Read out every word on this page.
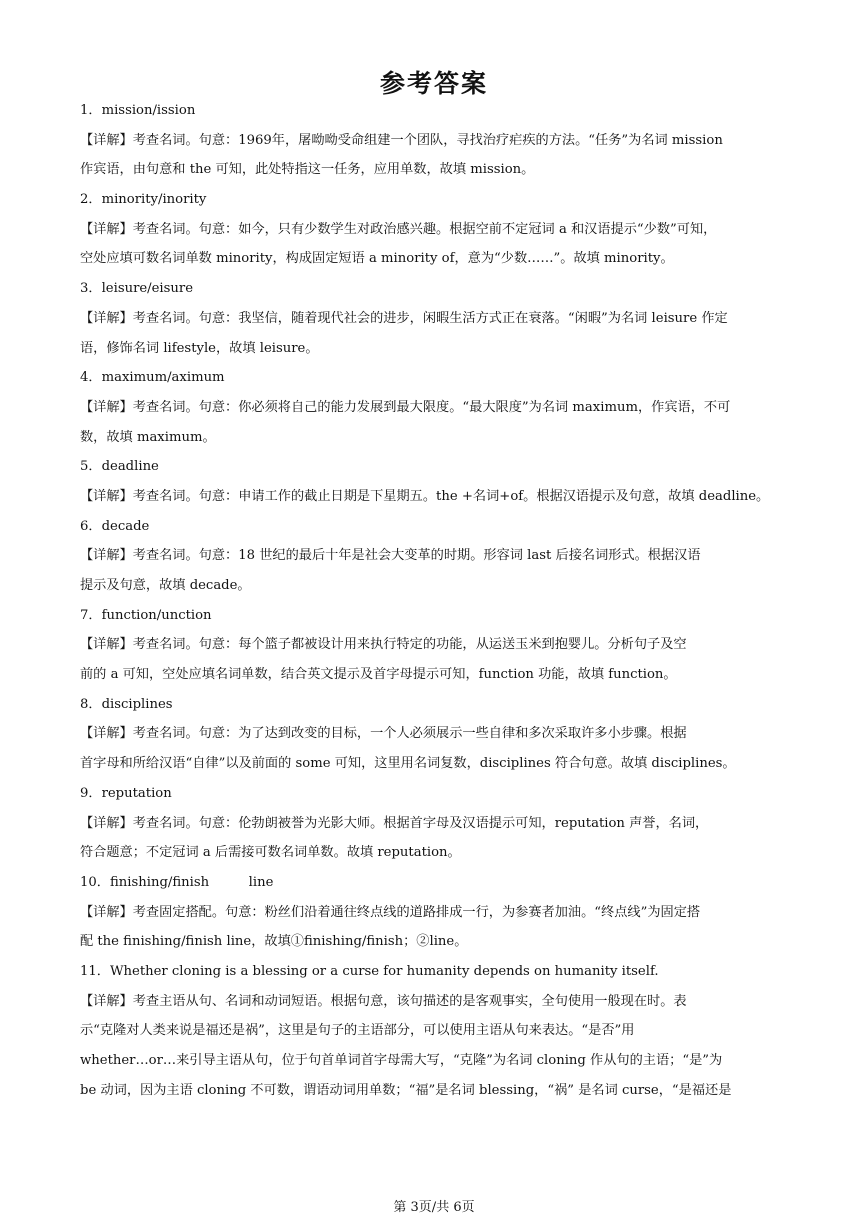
参考答案
1．mission/ission
【详解】考查名词。句意：1969年，屠呦呦受命组建一个团队，寻找治疗疟疾的方法。“任务”为名词 mission
作宾语，由句意和 the 可知，此处特指这一任务，应用单数，故填 mission。
2．minority/inority
【详解】考查名词。句意：如今，只有少数学生对政治感兴趣。根据空前不定冠词 a 和汉语提示“少数”可知，
空处应填可数名词单数 minority，构成固定短语 a minority of，意为“少数……”。故填 minority。
3．leisure/eisure
【详解】考查名词。句意：我坚信，随着现代社会的进步，闲暇生活方式正在衰落。“闲暇”为名词 leisure 作定
语，修饰名词 lifestyle，故填 leisure。
4．maximum/aximum
【详解】考查名词。句意：你必须将自己的能力发展到最大限度。“最大限度”为名词 maximum，作宾语，不可
数，故填 maximum。
5．deadline
【详解】考查名词。句意：申请工作的截止日期是下星期五。the +名词+of。根据汉语提示及句意，故填 deadline。
6．decade
【详解】考查名词。句意：18 世纪的最后十年是社会大变革的时期。形容词 last 后接名词形式。根据汉语
提示及句意，故填 decade。
7．function/unction
【详解】考查名词。句意：每个篮子都被设计用来执行特定的功能，从运送玉米到抱婴儿。分析句子及空
前的 a 可知，空处应填名词单数，结合英文提示及首字母提示可知，function 功能，故填 function。
8．disciplines
【详解】考查名词。句意：为了达到改变的目标，一个人必须展示一些自律和多次采取许多小步骤。根据
首字母和所给汉语“自律”以及前面的 some 可知，这里用名词复数，disciplines 符合句意。故填 disciplines。
9．reputation
【详解】考查名词。句意：伦勃朗被誉为光影大师。根据首字母及汉语提示可知，reputation 声誉，名词，
符合题意；不定冠词 a 后需接可数名词单数。故填 reputation。
10．finishing/finish　　　line
【详解】考查固定搭配。句意：粉丝们沿着通往终点线的道路排成一行，为参赛者加油。“终点线”为固定搭
配 the finishing/finish line，故填①finishing/finish；②line。
11．Whether cloning is a blessing or a curse for humanity depends on humanity itself.
【详解】考查主语从句、名词和动词短语。根据句意，该句描述的是客观事实，全句使用一般现在时。表
示“克隆对人类来说是福还是祸”，这里是句子的主语部分，可以使用主语从句来表达。“是否”用
whether…or…来引导主语从句，位于句首单词首字母需大写，“克隆”为名词 cloning 作从句的主语；“是”为
be 动词，因为主语 cloning 不可数，谓语动词用单数；“福”是名词 blessing，“祸” 是名词 curse，“是福还是
第 3页/共 6页
